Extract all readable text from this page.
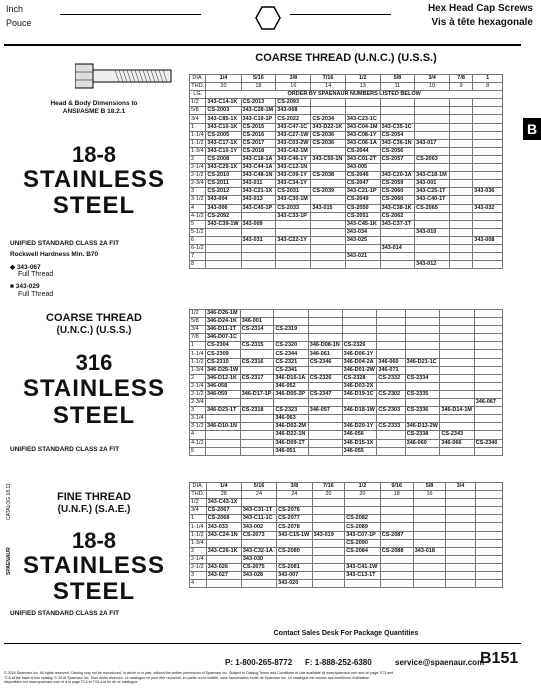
Inch
Pouce
Hex Head Cap Screws
Vis à tête hexagonale
B
Head & Body Dimensions to
ANSI/ASME B 18.2.1
18-8
STAINLESS
STEEL
UNIFIED STANDARD CLASS 2A FIT
Rockwell Hardness Min. B70
◆ 343-067
Full Thread
■ 343-029
Full Thread
COARSE THREAD
(U.N.C.) (U.S.S.)
316
STAINLESS
STEEL
UNIFIED STANDARD CLASS 2A FIT
FINE THREAD
(U.N.F.) (S.A.E.)
18-8
STAINLESS
STEEL
UNIFIED STANDARD CLASS 2A FIT
CATALOG 18.11
SPAENAUR
COARSE THREAD (U.N.C.) (U.S.S.)
DIA.	1/4	5/16	3/8	7/16	1/2	5/8	3/4	7/8	1
THD.	20	18	16	14	13	11	10	9	8
LG.	ORDER BY SPAENAUR NUMBERS LISTED BELOW								
1/2	343-C14-1K	CS-2013	CS-2093						
5/8	CS-2003	343-C28-1M	343-068						
3/4	343-C85-1X	343-C19-1P	CS-2022	CS-2034	343-C23-1C				
1	343-C10-1K	CS-2015	343-C47-1C	343-D22-1K	343-C04-1M	343-C35-1C			
1-1/4	CS-2005	CS-2016	343-C27-1W	CS-2036	343-C08-1Y	CS-2054			
1-1/2	343-C17-1X	CS-2017	343-C03-2W	CS-2036	343-C06-1A	343-C36-1N	343-017		
1-3/4	343-C10-1Y	CS-2018	343-C42-1M		CS-2044	CS-2056			
2	CS-2008	343-C18-1A	343-C46-1Y	343-C50-1N	343-C01-2T	CS-2057	CS-2063		
2-1/4	343-C29-1X	343-C44-1A	343-C12-1N		343-005				
2-1/2	CS-2010	343-C48-1N	343-C09-1Y	CS-2038	CS-2046	343-C20-1A	343-C18-1M		
2-3/4	CS-2011	343-011	343-C34-1Y		CS-2047	CS-2059	343-001		
3	CS-2012	343-C21-1X	CS-2031	CS-2039	343-C21-1P	CS-2060	343-C25-1T		343-036
3-1/2	343-004	343-013	343-C30-1M		CS-2049	CS-2060	343-C40-1T		
4	343-006	343-C45-1P	CS-2033	343-015	CS-2050	343-C38-1K	CS-2065		343-032
4-1/2	CS-2092		343-C33-1P		CS-2051	CS-2062			
5	343-C39-1W	343-009			343-C45-1K	343-C37-1T			
5-1/2					343-034		343-010		
6		343-031	343-C22-1Y		343-025				343-008
6-1/2						343-014			
7					343-021				
8							343-012		
1/2	346-D26-1M								
5/8	346-D24-1K	346-001							
3/4	346-D11-1T	CS-2314	CS-2319						
7/8	346-D07-1C								
1	CS-2304	CS-2315	CS-2320	346-D08-1N	CS-2326				
1-1/4	CS-2309		CS-2344	346-061	346-D06-1Y				
1-1/2	CS-2310	CS-2316	CS-2321	CS-2346	346-D04-2A	346-060	346-D21-1C		
1-3/4	346-D25-1W		CS-2341		346-D01-2W	346-071			
2	346-D12-1K	CS-2317	346-D16-1A	CS-2326	CS-2328	CS-2332	CS-2334		
2-1/4	346-058		346-052		346-D03-2X				
2-1/2	346-059	346-D17-1P	346-D05-2P	CS-2347	346-D19-1C	CS-2302	CS-2335		
2-3/4									346-067
3	346-D23-1T	CS-2318	CS-2323	346-057	346-D18-1W	CS-2303	CS-2336	346-D14-1M	
3-1/4			346-063						
3-1/2	346-D10-1N		346-D02-2M		346-D20-1Y	CS-2333	346-D13-2W		
4			346-D22-1N		346-056		CS-2338	CS-2343	
4-1/2			346-D09-1T		346-D15-1X		346-060	346-066	CS-2340
5			346-051		346-055				
DIA.	1/4	5/16	3/8	7/16	1/2	9/16	5/8	3/4	
THD.	28	24	24	20	20	18	16		
1/2	343-C43-1X								
3/4	CS-2067	343-C31-1T	CS-2076						
1	CS-2068	343-C11-1C	CS-2077		CS-2082				
1-1/4	343-033	343-002	CS-2078		CS-2089				
1-1/2	343-C24-1N	CS-2073	343-C15-1W	343-019	343-C07-1P	CS-2087			
1-3/4					CS-2090				
2	343-C26-1K	343-C32-1A	CS-2080		CS-2084	CS-2088	343-018		
2-1/4		343-030							
2-1/2	343-026	CS-2075	CS-2081		343-C41-1W				
3	343-027	343-028	343-007		343-C13-1T				
4			343-020						
Contact Sales Desk For Package Quantities
P: 1-800-265-8772 F: 1-888-252-6380	service@spaenaur.com
B151
© 2018 Spaenaur Inc. All rights reserved. Catalog may not be reproduced, in whole or in part, without the written permission of Spaenaur Inc. Subject to Catalog Terms and Conditions of Use available @ www.spaenaur.com and on page TC3 and
TC5 at the back of this catalog. © 2018 Spaenaur Inc. Tous droits réservés. Le catalogue ne peut être reproduit, en partie ou en totalité, sans l'autorisation écrite de Spaenaur Inc. Le catalogue est soumis aux conditions d'utilisation
disponibles sur www.spaenaur.com et à la page TC4 et TC6 à la fin de ce catalogue.
